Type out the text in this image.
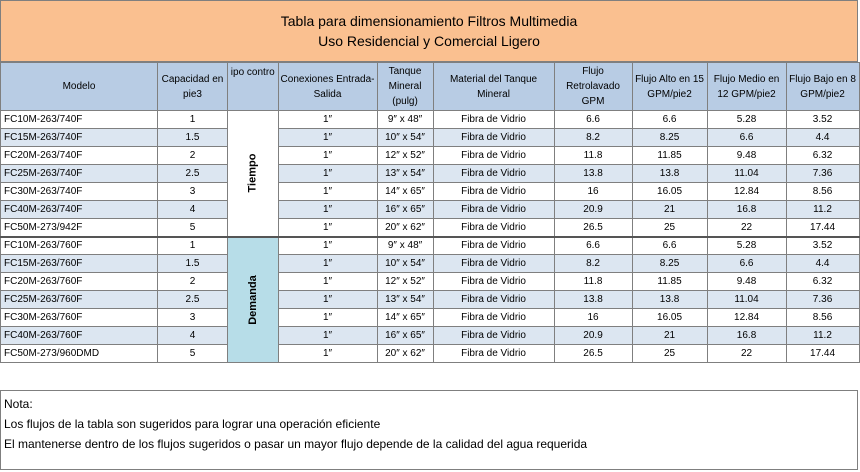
Tabla para dimensionamiento Filtros Multimedia
Uso Residencial y Comercial Ligero
Modelo	Capacidad en pie3	ipo contro	Conexiones Entrada-Salida	Tanque Mineral (pulg)	Material del Tanque Mineral	Flujo Retrolavado GPM	Flujo Alto en 15 GPM/pie2	Flujo Medio en 12 GPM/pie2	Flujo Bajo en 8 GPM/pie2
FC10M-263/740F	1	Tiempo	1″	9″ x 48″	Fibra de Vidrio	6.6	6.6	5.28	3.52
FC15M-263/740F	1.5		1″	10″ x 54″	Fibra de Vidrio	8.2	8.25	6.6	4.4
FC20M-263/740F	2		1″	12″ x 52″	Fibra de Vidrio	11.8	11.85	9.48	6.32
FC25M-263/740F	2.5		1″	13″ x 54″	Fibra de Vidrio	13.8	13.8	11.04	7.36
FC30M-263/740F	3		1″	14″ x 65″	Fibra de Vidrio	16	16.05	12.84	8.56
FC40M-263/740F	4		1″	16″ x 65″	Fibra de Vidrio	20.9	21	16.8	11.2
FC50M-273/942F	5		1″	20″ x 62″	Fibra de Vidrio	26.5	25	22	17.44
FC10M-263/760F	1	Demanda	1″	9″ x 48″	Fibra de Vidrio	6.6	6.6	5.28	3.52
FC15M-263/760F	1.5		1″	10″ x 54″	Fibra de Vidrio	8.2	8.25	6.6	4.4
FC20M-263/760F	2		1″	12″ x 52″	Fibra de Vidrio	11.8	11.85	9.48	6.32
FC25M-263/760F	2.5		1″	13″ x 54″	Fibra de Vidrio	13.8	13.8	11.04	7.36
FC30M-263/760F	3		1″	14″ x 65″	Fibra de Vidrio	16	16.05	12.84	8.56
FC40M-263/760F	4		1″	16″ x 65″	Fibra de Vidrio	20.9	21	16.8	11.2
FC50M-273/960DMD	5		1″	20″ x 62″	Fibra de Vidrio	26.5	25	22	17.44
Nota:
Los flujos de la tabla son sugeridos para lograr una operación eficiente
El mantenerse dentro de los flujos sugeridos o pasar un mayor flujo depende de la calidad del agua requerida
